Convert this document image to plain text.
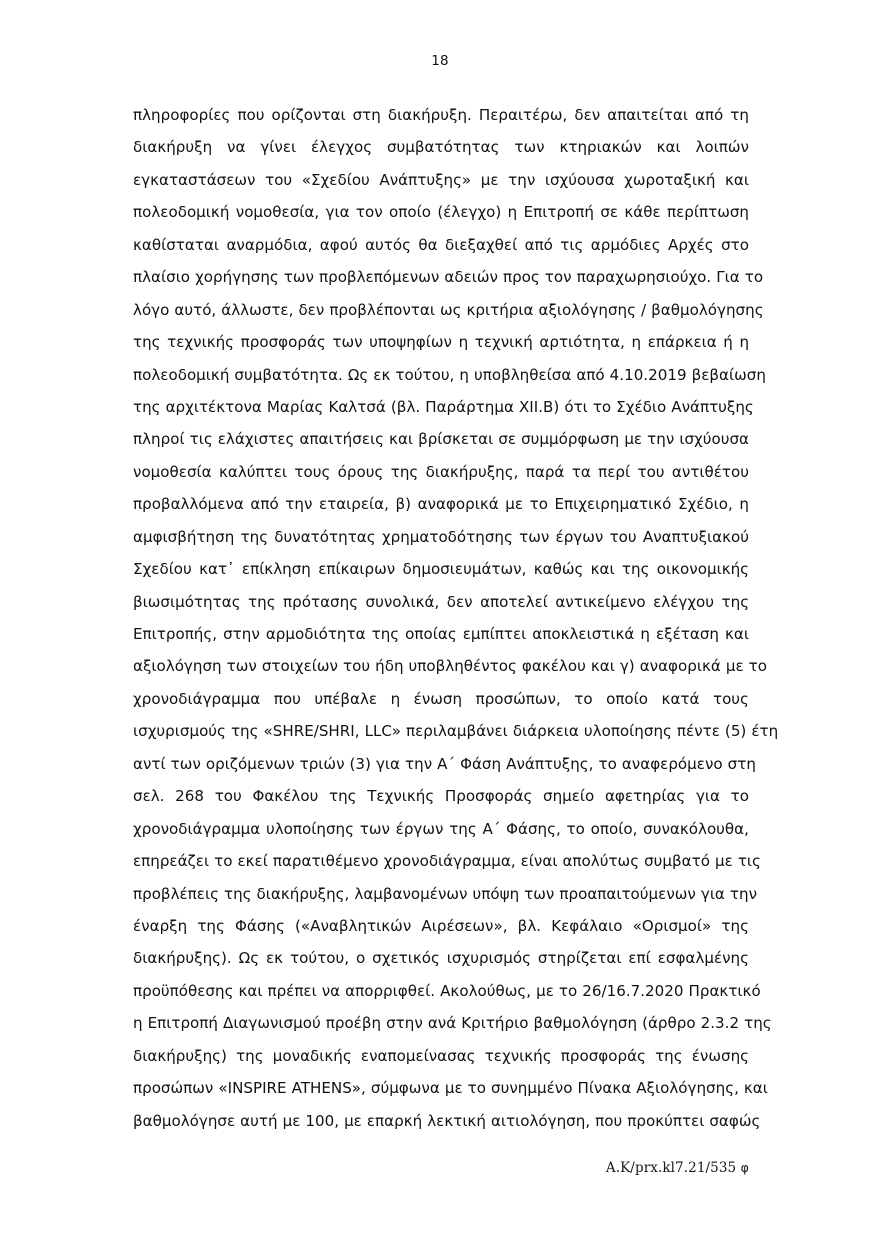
18
πληροφορίες που ορίζονται στη διακήρυξη. Περαιτέρω, δεν απαιτείται από τη
διακήρυξη να γίνει έλεγχος συμβατότητας των κτηριακών και λοιπών
εγκαταστάσεων του «Σχεδίου Ανάπτυξης» με την ισχύουσα χωροταξική και
πολεοδομική νομοθεσία, για τον οποίο (έλεγχο) η Επιτροπή σε κάθε περίπτωση
καθίσταται αναρμόδια, αφού αυτός θα διεξαχθεί από τις αρμόδιες Αρχές στο
πλαίσιο χορήγησης των προβλεπόμενων αδειών προς τον παραχωρησιούχο. Για το
λόγο αυτό, άλλωστε, δεν προβλέπονται ως κριτήρια αξιολόγησης / βαθμολόγησης
της τεχνικής προσφοράς των υποψηφίων η τεχνική αρτιότητα, η επάρκεια ή η
πολεοδομική συμβατότητα. Ως εκ τούτου, η υποβληθείσα από 4.10.2019 βεβαίωση
της αρχιτέκτονα Μαρίας Καλτσά (βλ. Παράρτημα XII.B) ότι το Σχέδιο Ανάπτυξης
πληροί τις ελάχιστες απαιτήσεις και βρίσκεται σε συμμόρφωση με την ισχύουσα
νομοθεσία καλύπτει τους όρους της διακήρυξης, παρά τα περί του αντιθέτου
προβαλλόμενα από την εταιρεία, β) αναφορικά με το Επιχειρηματικό Σχέδιο, η
αμφισβήτηση της δυνατότητας χρηματοδότησης των έργων του Αναπτυξιακού
Σχεδίου κατ᾽ επίκληση επίκαιρων δημοσιευμάτων, καθώς και της οικονομικής
βιωσιμότητας της πρότασης συνολικά, δεν αποτελεί αντικείμενο ελέγχου της
Επιτροπής, στην αρμοδιότητα της οποίας εμπίπτει αποκλειστικά η εξέταση και
αξιολόγηση των στοιχείων του ήδη υποβληθέντος φακέλου και γ) αναφορικά με το
χρονοδιάγραμμα που υπέβαλε η ένωση προσώπων, το οποίο κατά τους
ισχυρισμούς της «SHRE/SHRI, LLC» περιλαμβάνει διάρκεια υλοποίησης πέντε (5) έτη
αντί των οριζόμενων τριών (3) για την Α΄ Φάση Ανάπτυξης, το αναφερόμενο στη
σελ. 268 του Φακέλου της Τεχνικής Προσφοράς σημείο αφετηρίας για το
χρονοδιάγραμμα υλοποίησης των έργων της Α΄ Φάσης, το οποίο, συνακόλουθα,
επηρεάζει το εκεί παρατιθέμενο χρονοδιάγραμμα, είναι απολύτως συμβατό με τις
προβλέπεις της διακήρυξης, λαμβανομένων υπόψη των προαπαιτούμενων για την
έναρξη της Φάσης («Αναβλητικών Αιρέσεων», βλ. Κεφάλαιο «Ορισμοί» της
διακήρυξης). Ως εκ τούτου, ο σχετικός ισχυρισμός στηρίζεται επί εσφαλμένης
προϋπόθεσης και πρέπει να απορριφθεί. Ακολούθως, με το 26/16.7.2020 Πρακτικό
η Επιτροπή Διαγωνισμού προέβη στην ανά Κριτήριο βαθμολόγηση (άρθρο 2.3.2 της
διακήρυξης) της μοναδικής εναπομείνασας τεχνικής προσφοράς της ένωσης
προσώπων «INSPIRE ATHENS», σύμφωνα με το συνημμένο Πίνακα Αξιολόγησης, και
βαθμολόγησε αυτή με 100, με επαρκή λεκτική αιτιολόγηση, που προκύπτει σαφώς
A.K/prx.kl7.21/535 φ
